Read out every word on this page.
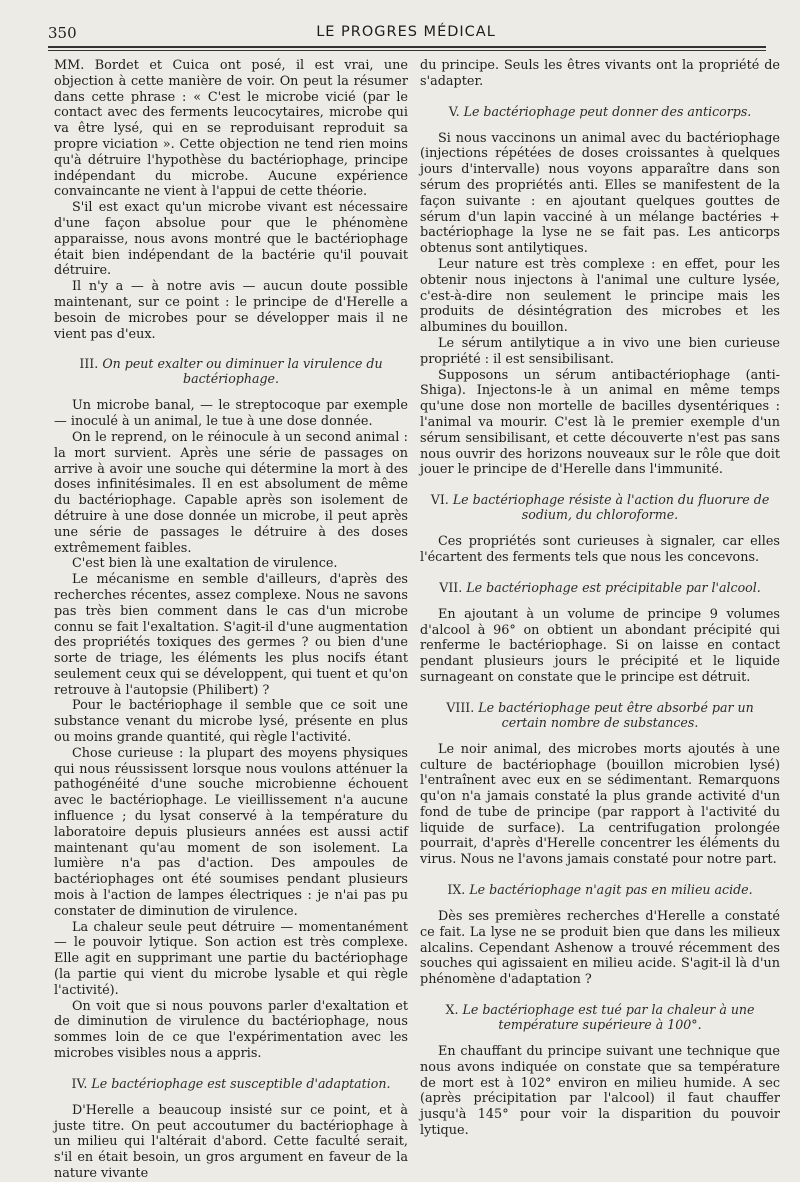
350	LE PROGRES MÉDICAL

MM. Bordet et Cuica ont posé, il est vrai, une objection à cette manière de voir. On peut la résumer dans cette phrase : « C'est le microbe vicié (par le contact avec des ferments leucocytaires, microbe qui va être lysé, qui en se reproduisant reproduit sa propre viciation ». Cette objection ne tend rien moins qu'à détruire l'hypothèse du bactériophage, principe indépendant du microbe. Aucune expérience convaincante ne vient à l'appui de cette théorie.

S'il est exact qu'un microbe vivant est nécessaire d'une façon absolue pour que le phénomène apparaisse, nous avons montré que le bactériophage était bien indépendant de la bactérie qu'il pouvait détruire.

Il n'y a — à notre avis — aucun doute possible maintenant, sur ce point : le principe de d'Herelle a besoin de microbes pour se développer mais il ne vient pas d'eux.

III. On peut exalter ou diminuer la virulence du bactériophage.

Un microbe banal, — le streptocoque par exemple — inoculé à un animal, le tue à une dose donnée.

On le reprend, on le réinocule à un second animal : la mort survient. Après une série de passages on arrive à avoir une souche qui détermine la mort à des doses infinitésimales. Il en est absolument de même du bactériophage. Capable après son isolement de détruire à une dose donnée un microbe, il peut après une série de passages le détruire à des doses extrêmement faibles.

C'est bien là une exaltation de virulence.

Le mécanisme en semble d'ailleurs, d'après des recherches récentes, assez complexe. Nous ne savons pas très bien comment dans le cas d'un microbe connu se fait l'exaltation. S'agit-il d'une augmentation des propriétés toxiques des germes ? ou bien d'une sorte de triage, les éléments les plus nocifs étant seulement ceux qui se développent, qui tuent et qu'on retrouve à l'autopsie (Philibert) ?

Pour le bactériophage il semble que ce soit une substance venant du microbe lysé, présente en plus ou moins grande quantité, qui règle l'activité.

Chose curieuse : la plupart des moyens physiques qui nous réussissent lorsque nous voulons atténuer la pathogénéité d'une souche microbienne échouent avec le bactériophage. Le vieillissement n'a aucune influence ; du lysat conservé à la température du laboratoire depuis plusieurs années est aussi actif maintenant qu'au moment de son isolement. La lumière n'a pas d'action. Des ampoules de bactériophages ont été soumises pendant plusieurs mois à l'action de lampes électriques : je n'ai pas pu constater de diminution de virulence.

La chaleur seule peut détruire — momentanément — le pouvoir lytique. Son action est très complexe. Elle agit en supprimant une partie du bactériophage (la partie qui vient du microbe lysable et qui règle l'activité).

On voit que si nous pouvons parler d'exaltation et de diminution de virulence du bactériophage, nous sommes loin de ce que l'expérimentation avec les microbes visibles nous a appris.

IV. Le bactériophage est susceptible d'adaptation.

D'Herelle a beaucoup insisté sur ce point, et à juste titre. On peut accoutumer du bactériophage à un milieu qui l'altérait d'abord. Cette faculté serait, s'il en était besoin, un gros argument en faveur de la nature vivante

du principe. Seuls les êtres vivants ont la propriété de s'adapter.

V. Le bactériophage peut donner des anticorps.

Si nous vaccinons un animal avec du bactériophage (injections répétées de doses croissantes à quelques jours d'intervalle) nous voyons apparaître dans son sérum des propriétés anti. Elles se manifestent de la façon suivante : en ajoutant quelques gouttes de sérum d'un lapin vacciné à un mélange bactéries + bactériophage la lyse ne se fait pas. Les anticorps obtenus sont antilytiques.

Leur nature est très complexe : en effet, pour les obtenir nous injectons à l'animal une culture lysée, c'est-à-dire non seulement le principe mais les produits de désintégration des microbes et les albumines du bouillon.

Le sérum antilytique a in vivo une bien curieuse propriété : il est sensibilisant.

Supposons un sérum antibactériophage (anti-Shiga). Injectons-le à un animal en même temps qu'une dose non mortelle de bacilles dysentériques : l'animal va mourir. C'est là le premier exemple d'un sérum sensibilisant, et cette découverte n'est pas sans nous ouvrir des horizons nouveaux sur le rôle que doit jouer le principe de d'Herelle dans l'immunité.

VI. Le bactériophage résiste à l'action du fluorure de sodium, du chloroforme.

Ces propriétés sont curieuses à signaler, car elles l'écartent des ferments tels que nous les concevons.

VII. Le bactériophage est précipitable par l'alcool.

En ajoutant à un volume de principe 9 volumes d'alcool à 96° on obtient un abondant précipité qui renferme le bactériophage. Si on laisse en contact pendant plusieurs jours le précipité et le liquide surnageant on constate que le principe est détruit.

VIII. Le bactériophage peut être absorbé par un certain nombre de substances.

Le noir animal, des microbes morts ajoutés à une culture de bactériophage (bouillon microbien lysé) l'entraînent avec eux en se sédimentant. Remarquons qu'on n'a jamais constaté la plus grande activité d'un fond de tube de principe (par rapport à l'activité du liquide de surface). La centrifugation prolongée pourrait, d'après d'Herelle concentrer les éléments du virus. Nous ne l'avons jamais constaté pour notre part.

IX. Le bactériophage n'agit pas en milieu acide.

Dès ses premières recherches d'Herelle a constaté ce fait. La lyse ne se produit bien que dans les milieux alcalins. Cependant Ashenow a trouvé récemment des souches qui agissaient en milieu acide. S'agit-il là d'un phénomène d'adaptation ?

X. Le bactériophage est tué par la chaleur à une température supérieure à 100°.

En chauffant du principe suivant une technique que nous avons indiquée on constate que sa température de mort est à 102° environ en milieu humide. A sec (après précipitation par l'alcool) il faut chauffer jusqu'à 145° pour voir la disparition du pouvoir lytique.
